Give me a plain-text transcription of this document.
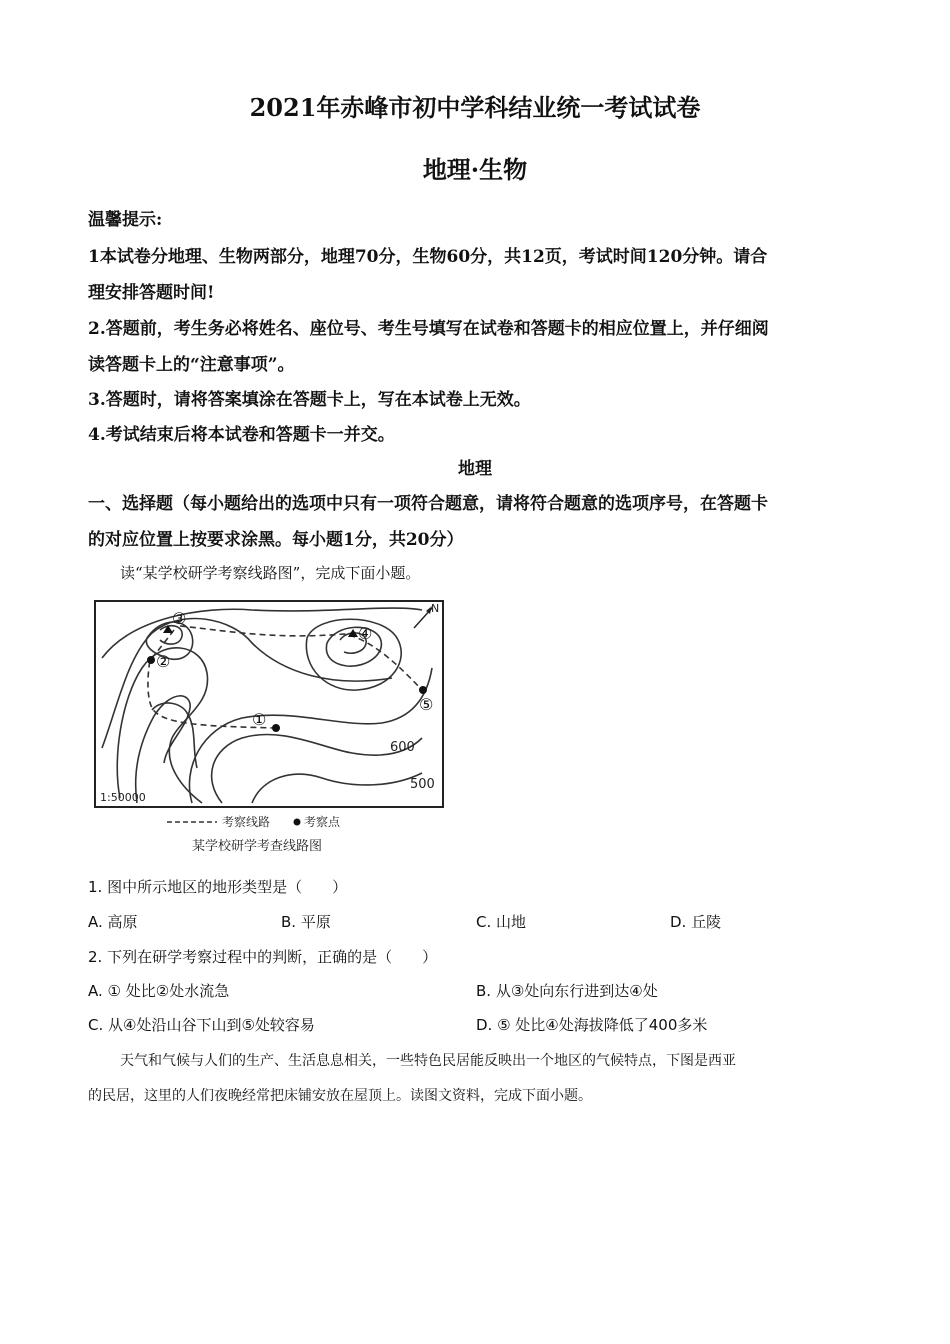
2021年赤峰市初中学科结业统一考试试卷
地理·生物
温馨提示:
1本试卷分地理、生物两部分，地理70分，生物60分，共12页，考试时间120分钟。请合
理安排答题时间!
2.答题前，考生务必将姓名、座位号、考生号填写在试卷和答题卡的相应位置上，并仔细阅
读答题卡上的“注意事项”。
3.答题时，请将答案填涂在答题卡上，写在本试卷上无效。
4.考试结束后将本试卷和答题卡一并交。
地理
一、选择题（每小题给出的选项中只有一项符合题意，请将符合题意的选项序号，在答题卡
的对应位置上按要求涂黑。每小题1分，共20分）
读“某学校研学考察线路图”，完成下面小题。
N
③
②
④
①
⑤
600
500
1:50000
考察线路	考察点
某学校研学考查线路图
1. 图中所示地区的地形类型是（　　）
A. 高原	B. 平原	C. 山地	D. 丘陵
2. 下列在研学考察过程中的判断，正确的是（　　）
A. ① 处比②处水流急	B. 从③处向东行进到达④处
C. 从④处沿山谷下山到⑤处较容易	D. ⑤ 处比④处海拔降低了400多米
天气和气候与人们的生产、生活息息相关，一些特色民居能反映出一个地区的气候特点，下图是西亚
的民居，这里的人们夜晚经常把床铺安放在屋顶上。读图文资料，完成下面小题。
